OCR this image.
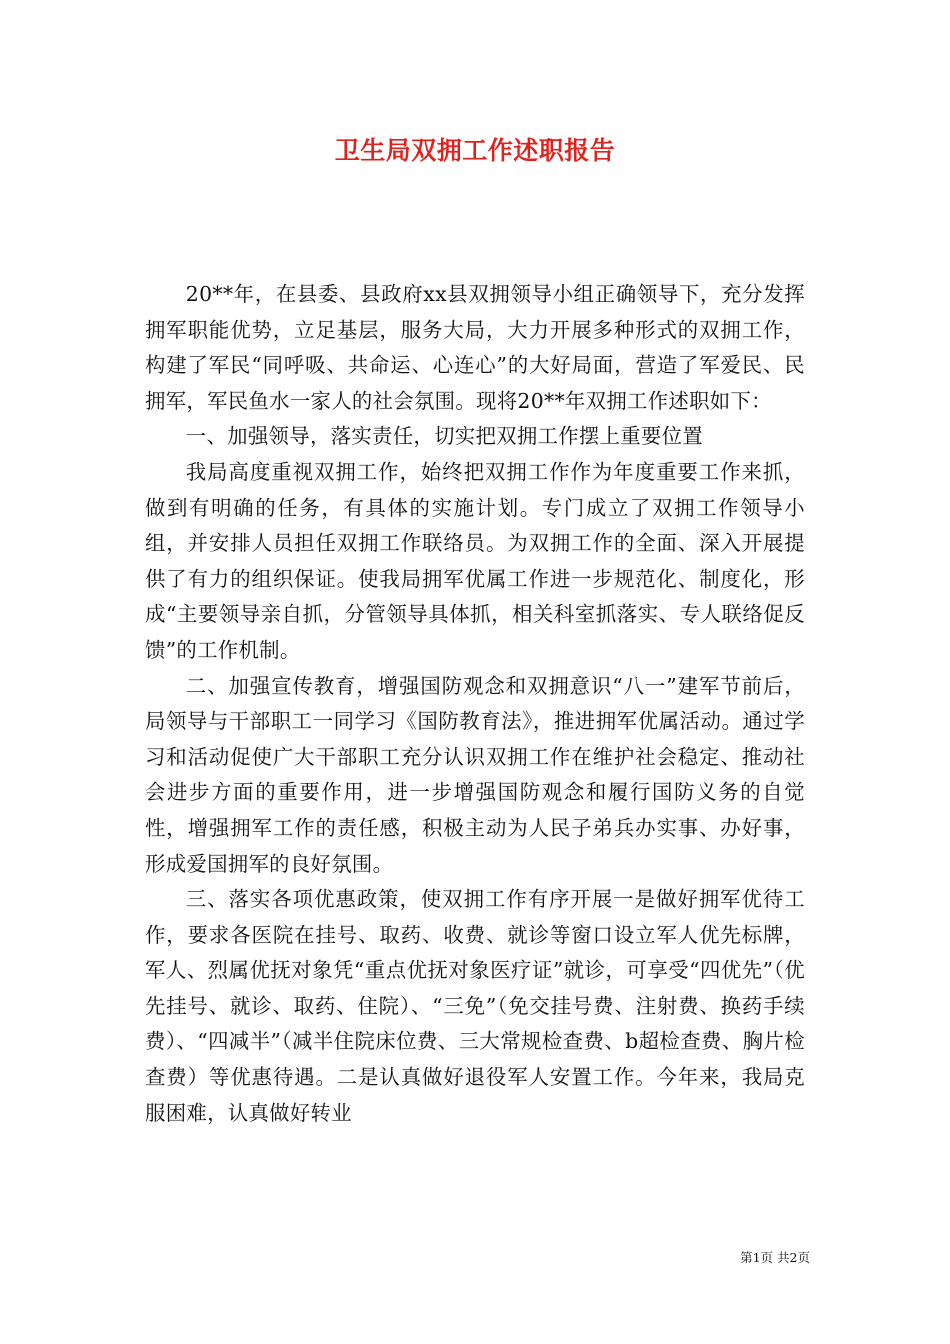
卫生局双拥工作述职报告

20**年，在县委、县政府xx县双拥领导小组正确领导下，充分发挥拥军职能优势，立足基层，服务大局，大力开展多种形式的双拥工作，构建了军民“同呼吸、共命运、心连心”的大好局面，营造了军爱民、民拥军，军民鱼水一家人的社会氛围。现将20**年双拥工作述职如下：

一、加强领导，落实责任，切实把双拥工作摆上重要位置

我局高度重视双拥工作，始终把双拥工作作为年度重要工作来抓，做到有明确的任务，有具体的实施计划。专门成立了双拥工作领导小组，并安排人员担任双拥工作联络员。为双拥工作的全面、深入开展提供了有力的组织保证。使我局拥军优属工作进一步规范化、制度化，形成“主要领导亲自抓，分管领导具体抓，相关科室抓落实、专人联络促反馈”的工作机制。

二、加强宣传教育，增强国防观念和双拥意识“八一”建军节前后，局领导与干部职工一同学习《国防教育法》，推进拥军优属活动。通过学习和活动促使广大干部职工充分认识双拥工作在维护社会稳定、推动社会进步方面的重要作用，进一步增强国防观念和履行国防义务的自觉性，增强拥军工作的责任感，积极主动为人民子弟兵办实事、办好事，形成爱国拥军的良好氛围。

三、落实各项优惠政策，使双拥工作有序开展一是做好拥军优待工作，要求各医院在挂号、取药、收费、就诊等窗口设立军人优先标牌，军人、烈属优抚对象凭“重点优抚对象医疗证”就诊，可享受“四优先”（优先挂号、就诊、取药、住院）、“三免”（免交挂号费、注射费、换药手续费）、“四减半”（减半住院床位费、三大常规检查费、b超检查费、胸片检查费）等优惠待遇。二是认真做好退役军人安置工作。今年来，我局克服困难，认真做好转业

第1页 共2页
